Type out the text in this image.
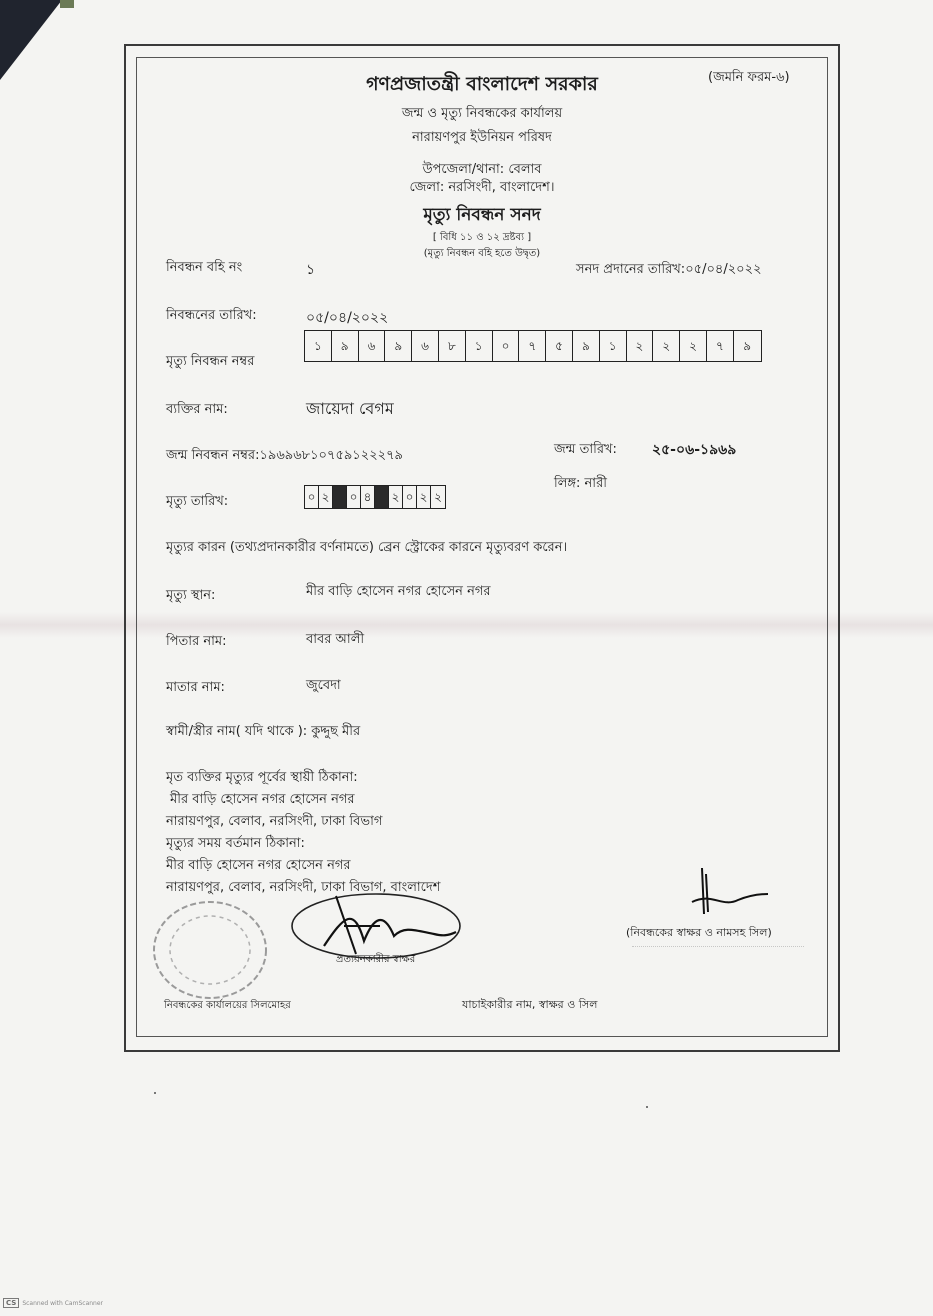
(জমনি ফরম-৬)
গণপ্রজাতন্ত্রী বাংলাদেশ সরকার
জন্ম ও মৃত্যু নিবন্ধকের কার্যালয়
নারায়ণপুর ইউনিয়ন পরিষদ
উপজেলা/থানা: বেলাব
জেলা: নরসিংদী, বাংলাদেশ।
মৃত্যু নিবন্ধন সনদ
[ বিধি ১১ ও ১২ দ্রষ্টব্য ]
(মৃত্যু নিবন্ধন বহি হতে উদ্বৃত)
নিবন্ধন বহি নং	১	সনদ প্রদানের তারিখ:০৫/০৪/২০২২
নিবন্ধনের তারিখ:	০৫/০৪/২০২২
মৃত্যু নিবন্ধন নম্বর
১	৯	৬	৯	৬	৮	১	০	৭	৫	৯	১	২	২	২	৭	৯
ব্যক্তির নাম:	জায়েদা বেগম
জন্ম নিবন্ধন নম্বর:১৯৬৯৬৮১০৭৫৯১২২২৭৯	জন্ম তারিখ:	২৫-০৬-১৯৬৯
লিঙ্গ: নারী
মৃত্যু তারিখ:	০ ২ ০ ৪	২ ০ ২ ২
মৃত্যুর কারন (তথ্যপ্রদানকারীর বর্ণনামতে) ব্রেন স্ট্রোকের কারনে মৃত্যুবরণ করেন।
মৃত্যু স্থান:	মীর বাড়ি হোসেন নগর হোসেন নগর
পিতার নাম:	বাবর আলী
মাতার নাম:	জুবেদা
স্বামী/স্ত্রীর নাম( যদি থাকে ): কুদ্দুছ মীর
মৃত ব্যক্তির মৃত্যুর পূর্বের স্থায়ী ঠিকানা:
মীর বাড়ি হোসেন নগর হোসেন নগর
নারায়ণপুর, বেলাব, নরসিংদী, ঢাকা বিভাগ
মৃত্যুর সময় বর্তমান ঠিকানা:
মীর বাড়ি হোসেন নগর হোসেন নগর
নারায়ণপুর, বেলাব, নরসিংদী, ঢাকা বিভাগ, বাংলাদেশ
প্রত্যয়নকারীর স্বাক্ষর
(নিবন্ধকের স্বাক্ষর ও নামসহ সিল)
নিবন্ধকের কার্যালয়ের সিলমোহর	যাচাইকারীর নাম, স্বাক্ষর ও সিল
CS	Scanned with CamScanner
